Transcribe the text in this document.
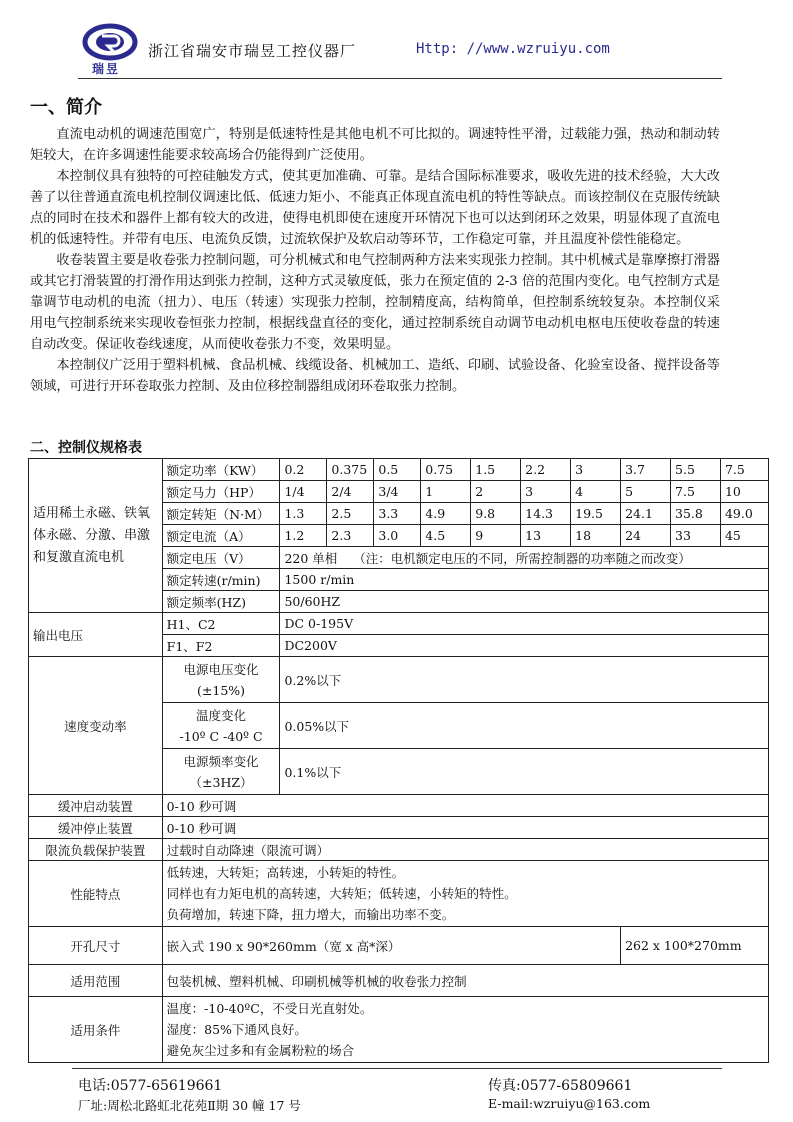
瑞昱
浙江省瑞安市瑞昱工控仪器厂	Http: //www.wzruiyu.com
一、简介

直流电动机的调速范围宽广，特别是低速特性是其他电机不可比拟的。调速特性平滑，过载能力强，热动和制动转矩较大，在许多调速性能要求较高场合仍能得到广泛使用。

本控制仪具有独特的可控硅触发方式，使其更加准确、可靠。是结合国际标准要求，吸收先进的技术经验，大大改善了以往普通直流电机控制仪调速比低、低速力矩小、不能真正体现直流电机的特性等缺点。而该控制仪在克服传统缺点的同时在技术和器件上都有较大的改进，使得电机即使在速度开环情况下也可以达到闭环之效果，明显体现了直流电机的低速特性。并带有电压、电流负反馈，过流软保护及软启动等环节，工作稳定可靠，并且温度补偿性能稳定。

收卷装置主要是收卷张力控制问题，可分机械式和电气控制两种方法来实现张力控制。其中机械式是靠摩擦打滑器或其它打滑装置的打滑作用达到张力控制，这种方式灵敏度低，张力在预定值的 2-3 倍的范围内变化。电气控制方式是靠调节电动机的电流（扭力）、电压（转速）实现张力控制，控制精度高，结构简单，但控制系统较复杂。本控制仪采用电气控制系统来实现收卷恒张力控制，根据线盘直径的变化，通过控制系统自动调节电动机电枢电压使收卷盘的转速自动改变。保证收卷线速度，从而使收卷张力不变，效果明显。

本控制仪广泛用于塑料机械、食品机械、线缆设备、机械加工、造纸、印刷、试验设备、化验室设备、搅拌设备等领域，可进行开环卷取张力控制、及由位移控制器组成闭环卷取张力控制。

二、控制仪规格表
适用稀土永磁、铁氧体永磁、分激、串激和复激直流电机	额定功率（KW）	0.2	0.375	0.5	0.75	1.5	2.2	3	3.7	5.5	7.5
	额定马力（HP）	1/4	2/4	3/4	1	2	3	4	5	7.5	10
	额定转矩（N·M）	1.3	2.5	3.3	4.9	9.8	14.3	19.5	24.1	35.8	49.0
	额定电流（A）	1.2	2.3	3.0	4.5	9	13	18	24	33	45
	额定电压（V）	220 单相 （注：电机额定电压的不同，所需控制器的功率随之而改变）									
	额定转速(r/min)	1500 r/min									
	额定频率(HZ)	50/60HZ									
输出电压	H1、C2	DC 0-195V									
	F1、F2	DC200V									
速度变动率	电源电压变化
(±15%)	0.2%以下									

	温度变化
-10º C -40º C	0.05%以下									

	电源频率变化
（±3HZ）	0.1%以下									
缓冲启动装置	0-10 秒可调										
缓冲停止装置	0-10 秒可调										
限流负载保护装置	过载时自动降速（限流可调）										
性能特点	低转速，大转矩；高转速，小转矩的特性。
同样也有力矩电机的高转速，大转矩；低转速，小转矩的特性。
负荷增加，转速下降，扭力增大，而输出功率不变。										

开孔尺寸	嵌入式 190 x 90*260mm（宽 x 高*深）								262 x 100*270mm		
适用范围	包装机械、塑料机械、印刷机械等机械的收卷张力控制										
适用条件	温度：-10-40ºC，不受日光直射处。
湿度：85%下通风良好。
避免灰尘过多和有金属粉粒的场合										
电话:0577-65619661
厂址:周松北路虹北花苑Ⅱ期 30 幢 17 号
传真:0577-65809661
E-mail:wzruiyu@163.com
